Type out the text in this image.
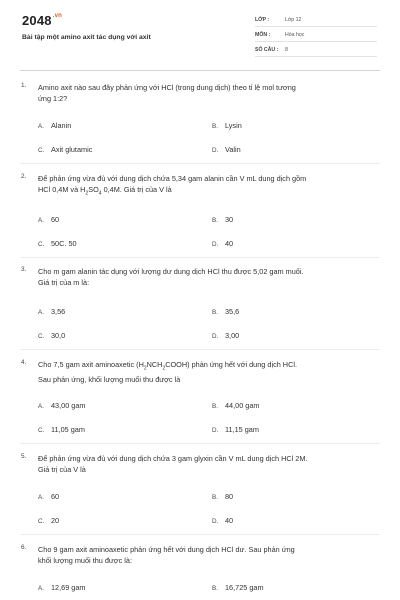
$2048^{.vn}$
Bài tập một amino axit tác dụng với axit
LỚP :	Lớp 12
MÔN :	Hóa học
SỐ CÂU : 8
1. Amino axit nào sau đây phản ứng với HCl (trong dung dịch) theo tỉ lệ mol tương
ứng 1:2?
A. Alanin	B. Lysin
C. Axit glutamic	D. Valin
2. Để phản ứng vừa đủ với dung dịch chứa 5,34 gam alanin cần V mL dung dịch gồm
HCl 0,4M và $H_2SO_4$ 0,4M. Giá trị của V là
A. 60	B. 30
C. 50C. 50	D. 40
3. Cho m gam alanin tác dụng với lượng dư dung dịch HCl thu được 5,02 gam muối.
Giá trị của m là:
A. 3,56	B. 35,6
C. 30,0	D. 3,00
4. Cho 7,5 gam axit aminoaxetic $(H_2NCH_2COOH)$ phản ứng hết với dung dịch HCl.
Sau phản ứng, khối lượng muối thu được là
A. 43,00 gam	B. 44,00 gam
C. 11,05 gam	D. 11,15 gam
5. Để phản ứng vừa đủ với dung dịch chứa 3 gam glyxin cần V mL dung dịch HCl 2M.
Giá trị của V là
A. 60	B. 80
C. 20	D. 40
6. Cho 9 gam axit aminoaxetic phản ứng hết với dung dịch HCl dư. Sau phản ứng
khối lượng muối thu được là:
A. 12,69 gam	B. 16,725 gam
